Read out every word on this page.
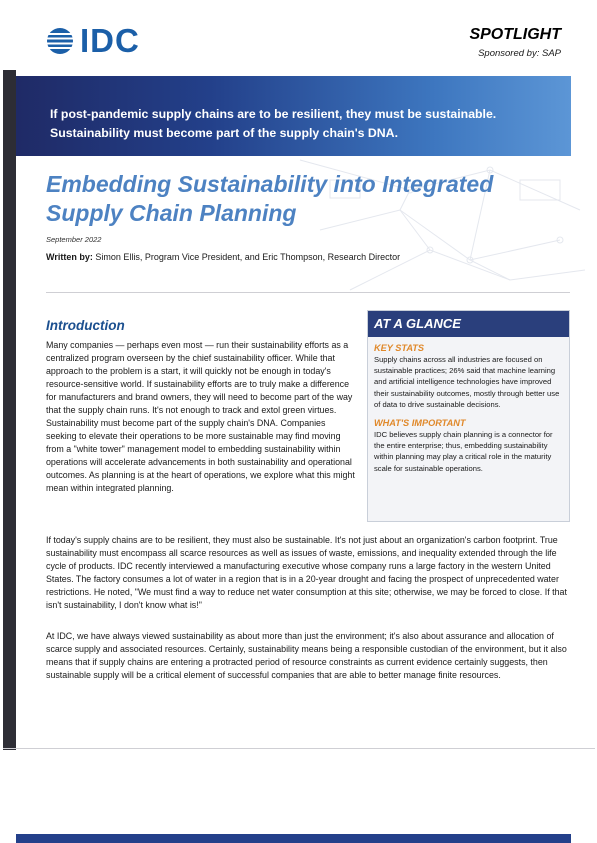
IDC	SPOTLIGHT
Sponsored by: SAP
If post-pandemic supply chains are to be resilient, they must be sustainable. Sustainability must become part of the supply chain's DNA.
Embedding Sustainability into Integrated Supply Chain Planning
September 2022
Written by: Simon Ellis, Program Vice President, and Eric Thompson, Research Director
Introduction
Many companies — perhaps even most — run their sustainability efforts as a centralized program overseen by the chief sustainability officer. While that approach to the problem is a start, it will quickly not be enough in today's resource-sensitive world. If sustainability efforts are to truly make a difference for manufacturers and brand owners, they will need to become part of the way that the supply chain runs. It's not enough to track and extol green virtues. Sustainability must become part of the supply chain's DNA. Companies seeking to elevate their operations to be more sustainable may find moving from a "white tower" management model to embedding sustainability within operations will accelerate advancements in both sustainability and operational outcomes. As planning is at the heart of operations, we explore what this might mean within integrated planning.
AT A GLANCE
KEY STATS
Supply chains across all industries are focused on sustainable practices; 26% said that machine learning and artificial intelligence technologies have improved their sustainability outcomes, mostly through better use of data to drive sustainable decisions.
WHAT'S IMPORTANT
IDC believes supply chain planning is a connector for the entire enterprise; thus, embedding sustainability within planning may play a critical role in the maturity scale for sustainable operations.
If today's supply chains are to be resilient, they must also be sustainable. It's not just about an organization's carbon footprint. True sustainability must encompass all scarce resources as well as issues of waste, emissions, and inequality extended through the life cycle of products. IDC recently interviewed a manufacturing executive whose company runs a large factory in the western United States. The factory consumes a lot of water in a region that is in a 20-year drought and facing the prospect of unprecedented water restrictions. He noted, "We must find a way to reduce net water consumption at this site; otherwise, we may be forced to close. If that isn't sustainability, I don't know what is!"
At IDC, we have always viewed sustainability as about more than just the environment; it's also about assurance and allocation of scarce supply and associated resources. Certainly, sustainability means being a responsible custodian of the environment, but it also means that if supply chains are entering a protracted period of resource constraints as current evidence certainly suggests, then sustainable supply will be a critical element of successful companies that are able to better manage finite resources.
